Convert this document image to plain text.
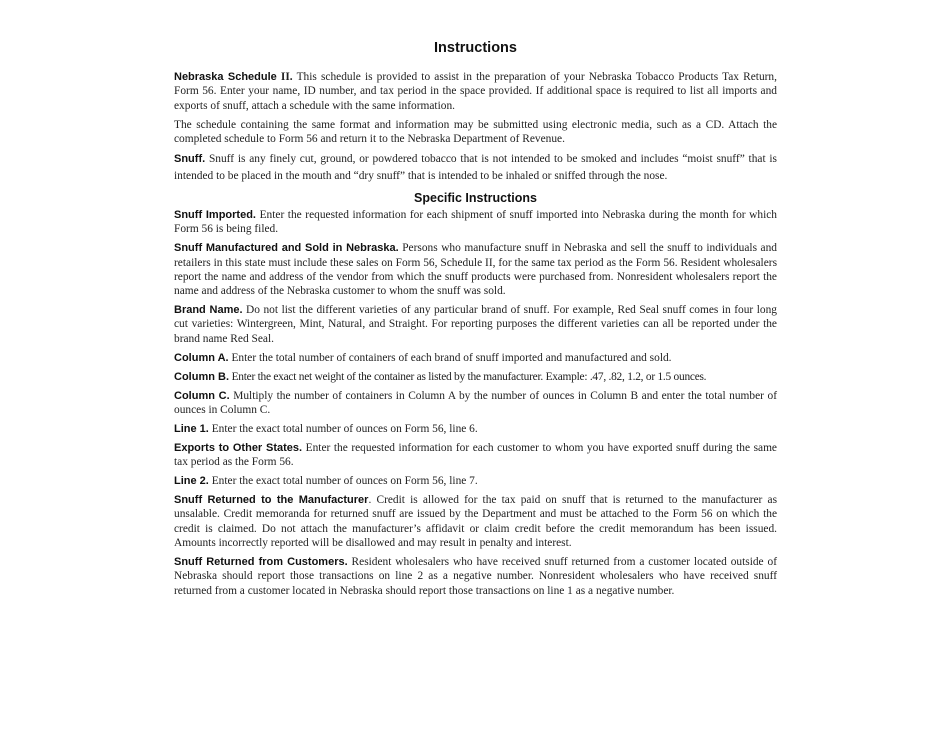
Instructions

Nebraska Schedule II. This schedule is provided to assist in the preparation of your Nebraska Tobacco Products Tax Return, Form 56. Enter your name, ID number, and tax period in the space provided. If additional space is required to list all imports and exports of snuff, attach a schedule with the same information.

The schedule containing the same format and information may be submitted using electronic media, such as a CD. Attach the completed schedule to Form 56 and return it to the Nebraska Department of Revenue.

Snuff. Snuff is any finely cut, ground, or powdered tobacco that is not intended to be smoked and includes “moist snuff” that is intended to be placed in the mouth and “dry snuff” that is intended to be inhaled or sniffed through the nose.

Specific Instructions

Snuff Imported. Enter the requested information for each shipment of snuff imported into Nebraska during the month for which Form 56 is being filed.

Snuff Manufactured and Sold in Nebraska. Persons who manufacture snuff in Nebraska and sell the snuff to individuals and retailers in this state must include these sales on Form 56, Schedule II, for the same tax period as the Form 56. Resident wholesalers report the name and address of the vendor from which the snuff products were purchased from. Nonresident wholesalers report the name and address of the Nebraska customer to whom the snuff was sold.

Brand Name. Do not list the different varieties of any particular brand of snuff. For example, Red Seal snuff comes in four long cut varieties: Wintergreen, Mint, Natural, and Straight. For reporting purposes the different varieties can all be reported under the brand name Red Seal.

Column A. Enter the total number of containers of each brand of snuff imported and manufactured and sold.

Column B. Enter the exact net weight of the container as listed by the manufacturer. Example: .47, .82, 1.2, or 1.5 ounces.

Column C. Multiply the number of containers in Column A by the number of ounces in Column B and enter the total number of ounces in Column C.

Line 1. Enter the exact total number of ounces on Form 56, line 6.

Exports to Other States. Enter the requested information for each customer to whom you have exported snuff during the same tax period as the Form 56.

Line 2. Enter the exact total number of ounces on Form 56, line 7.

Snuff Returned to the Manufacturer. Credit is allowed for the tax paid on snuff that is returned to the manufacturer as unsalable. Credit memoranda for returned snuff are issued by the Department and must be attached to the Form 56 on which the credit is claimed. Do not attach the manufacturer’s affidavit or claim credit before the credit memorandum has been issued. Amounts incorrectly reported will be disallowed and may result in penalty and interest.

Snuff Returned from Customers. Resident wholesalers who have received snuff returned from a customer located outside of Nebraska should report those transactions on line 2 as a negative number. Nonresident wholesalers who have received snuff returned from a customer located in Nebraska should report those transactions on line 1 as a negative number.
